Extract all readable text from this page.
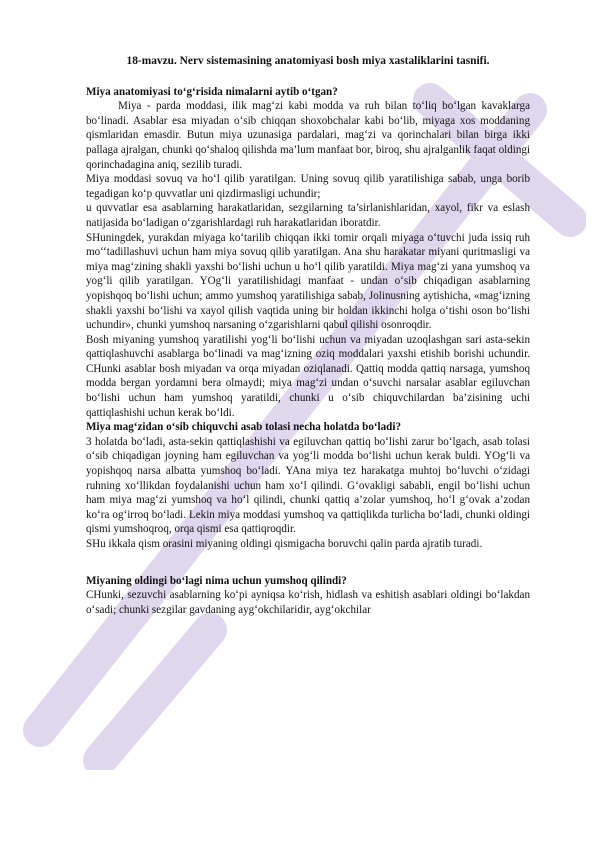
18-mavzu. Nerv sistemasining anatomiyasi bosh miya xastaliklarini tasnifi.
Miya anatomiyasi to‘g‘risida nimalarni aytib o‘tgan?
Miya - parda moddasi, ilik mag‘zi kabi modda va ruh bilan to‘liq bo‘lgan kavaklarga bo‘linadi. Asablar esa miyadan o‘sib chiqqan shoxobchalar kabi bo‘lib, miyaga xos moddaning qismlaridan emasdir. Butun miya uzunasiga pardalari, mag‘zi va qorinchalari bilan birga ikki pallaga ajralgan, chunki qo‘shaloq qilishda ma’lum manfaat bor, biroq, shu ajralganlik faqat oldingi qorinchadagina aniq, sezilib turadi.
Miya moddasi sovuq va ho‘l qilib yaratilgan. Uning sovuq qilib yaratilishiga sabab, unga borib tegadigan ko‘p quvvatlar uni qizdirmasligi uchundir;
u quvvatlar esa asablarning harakatlaridan, sezgilarning ta’sirlanishlaridan, xayol, fikr va eslash natijasida bo‘ladigan o‘zgarishlardagi ruh harakatlaridan iboratdir.
SHuningdek, yurakdan miyaga ko‘tarilib chiqqan ikki tomir orqali miyaga o‘tuvchi juda issiq ruh mo‘‘tadillashuvi uchun ham miya sovuq qilib yaratilgan. Ana shu harakatar miyani quritmasligi va miya mag‘zining shakli yaxshi bo‘lishi uchun u ho‘l qilib yaratildi. Miya mag‘zi yana yumshoq va yog‘li qilib yaratilgan. YOg‘li yaratilishidagi manfaat - undan o‘sib chiqadigan asablarning yopishqoq bo‘lishi uchun; ammo yumshoq yaratilishiga sabab, Jolinusning aytishicha, «mag‘izning shakli yaxshi bo‘lishi va xayol qilish vaqtida uning bir holdan ikkinchi holga o‘tishi oson bo‘lishi uchundir», chunki yumshoq narsaning o‘zgarishlarni qabul qilishi osonroqdir.
Bosh miyaning yumshoq yaratilishi yog‘li bo‘lishi uchun va miyadan uzoqlashgan sari asta-sekin qattiqlashuvchi asablarga bo‘linadi va mag‘izning oziq moddalari yaxshi etishib borishi uchundir. CHunki asablar bosh miyadan va orqa miyadan oziqlanadi. Qattiq modda qattiq narsaga, yumshoq modda bergan yordamni bera olmaydi; miya mag‘zi undan o‘suvchi narsalar asablar egiluvchan bo‘lishi uchun ham yumshoq yaratildi, chunki u o‘sib chiquvchilardan ba’zisining uchi qattiqlashishi uchun kerak bo‘ldi.
Miya mag‘zidan o‘sib chiquvchi asab tolasi necha holatda bo‘ladi?
3 holatda bo‘ladi, asta-sekin qattiqlashishi va egiluvchan qattiq bo‘lishi zarur bo‘lgach, asab tolasi o‘sib chiqadigan joyning ham egiluvchan va yog‘li modda bo‘lishi uchun kerak buldi. YOg‘li va yopishqoq narsa albatta yumshoq bo‘ladi. YAna miya tez harakatga muhtoj bo‘luvchi o‘zidagi ruhning xo‘llikdan foydalanishi uchun ham xo‘l qilindi. G‘ovakligi sababli, engil bo‘lishi uchun ham miya mag‘zi yumshoq va ho‘l qilindi, chunki qattiq a’zolar yumshoq, ho‘l g‘ovak a’zodan ko‘ra og‘irroq bo‘ladi. Lekin miya moddasi yumshoq va qattiqlikda turlicha bo‘ladi, chunki oldingi qismi yumshoqroq, orqa qismi esa qattiqroqdir.
SHu ikkala qism orasini miyaning oldingi qismigacha boruvchi qalin parda ajratib turadi.
Miyaning oldingi bo‘lagi nima uchun yumshoq qilindi?
CHunki, sezuvchi asablarning ko‘pi ayniqsa ko‘rish, hidlash va eshitish asablari oldingi bo‘lakdan o‘sadi; chunki sezgilar gavdaning ayg‘okchilaridir, ayg‘okchilar
